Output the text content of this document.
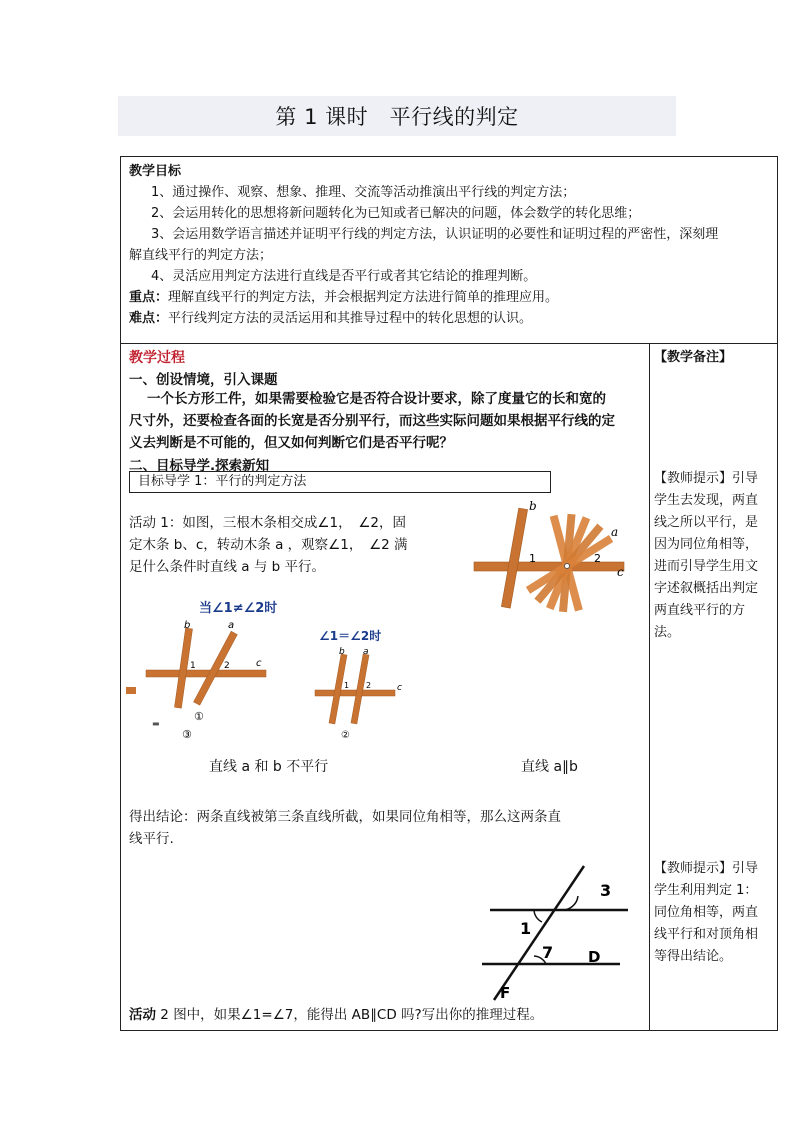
第 1 课时　平行线的判定
教学目标
1、通过操作、观察、想象、推理、交流等活动推演出平行线的判定方法；
2、会运用转化的思想将新问题转化为已知或者已解决的问题，体会数学的转化思维；
3、会运用数学语言描述并证明平行线的判定方法，认识证明的必要性和证明过程的严密性，深刻理
解直线平行的判定方法；
4、灵活应用判定方法进行直线是否平行或者其它结论的推理判断。
重点：理解直线平行的判定方法，并会根据判定方法进行简单的推理应用。
难点：平行线判定方法的灵活运用和其推导过程中的转化思想的认识。
教学过程
一、创设情境，引入课题
一个长方形工件，如果需要检验它是否符合设计要求，除了度量它的长和宽的
尺寸外，还要检查各面的长宽是否分别平行，而这些实际问题如果根据平行线的定
义去判断是不可能的，但又如何判断它们是否平行呢？
二、目标导学.探索新知
目标导学 1：平行的判定方法
活动 1：如图，三根木条相交成∠1，　∠2，固
定木条 b、c，转动木条 a ，观察∠1，　∠2 满
足什么条件时直线 a 与 b 平行。
b
a
c
1	2
当∠1≠∠2时
∠1＝∠2时
b	a
c
1	2
①
③
▬
b a
c
1 2
②
直线 a 和 b 不平行	直线 a∥b
得出结论：两条直线被第三条直线所截，如果同位角相等，那么这两条直
线平行.
3
1
7 D
F
活动 2 图中，如果∠1=∠7，能得出 AB∥CD 吗?写出你的推理过程。
【教学备注】
【教师提示】引导
学生去发现，两直
线之所以平行，是
因为同位角相等，
进而引导学生用文
字述叙概括出判定
两直线平行的方
法。
【教师提示】引导
学生利用判定 1：
同位角相等，两直
线平行和对顶角相
等得出结论。
